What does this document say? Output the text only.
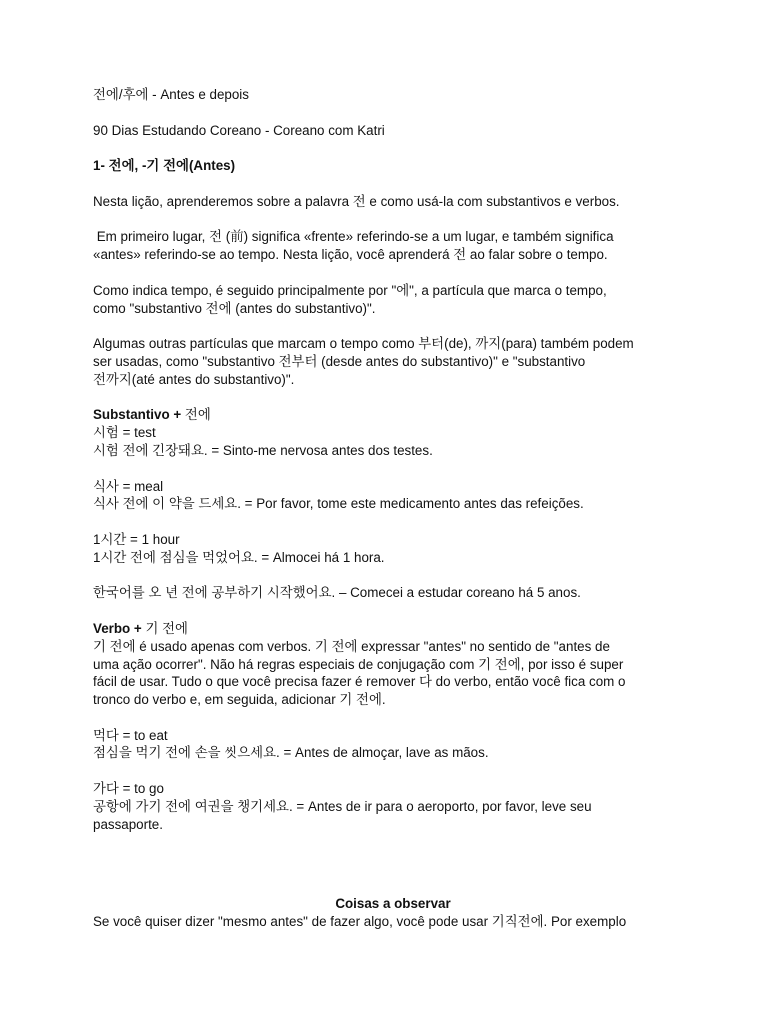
전에/후에 - Antes e depois

90 Dias Estudando Coreano - Coreano com Katri

1- 전에, -기 전에(Antes)

Nesta lição, aprenderemos sobre a palavra 전 e como usá-la com substantivos e verbos.

Em primeiro lugar, 전 (前) significa «frente» referindo-se a um lugar, e também significa

«antes» referindo-se ao tempo. Nesta lição, você aprenderá 전 ao falar sobre o tempo.

Como indica tempo, é seguido principalmente por "에", a partícula que marca o tempo,

como "substantivo 전에 (antes do substantivo)".

Algumas outras partículas que marcam o tempo como 부터(de), 까지(para) também podem

ser usadas, como "substantivo 전부터 (desde antes do substantivo)" e "substantivo

전까지(até antes do substantivo)".

Substantivo + 전에

시험 = test

시험 전에 긴장돼요. = Sinto-me nervosa antes dos testes.

식사 = meal

식사 전에 이 약을 드세요. = Por favor, tome este medicamento antes das refeições.

1시간 = 1 hour

1시간 전에 점심을 먹었어요. = Almocei há 1 hora.

한국어를 오 년 전에 공부하기 시작했어요. – Comecei a estudar coreano há 5 anos.

Verbo + 기 전에

기 전에 é usado apenas com verbos. 기 전에 expressar "antes" no sentido de "antes de

uma ação ocorrer". Não há regras especiais de conjugação com 기 전에, por isso é super

fácil de usar. Tudo o que você precisa fazer é remover 다 do verbo, então você fica com o

tronco do verbo e, em seguida, adicionar 기 전에.

먹다 = to eat

점심을 먹기 전에 손을 씻으세요. = Antes de almoçar, lave as mãos.

가다 = to go

공항에 가기 전에 여권을 챙기세요. = Antes de ir para o aeroporto, por favor, leve seu

passaporte.

Coisas a observar

Se você quiser dizer "mesmo antes" de fazer algo, você pode usar 기직전에. Por exemplo
